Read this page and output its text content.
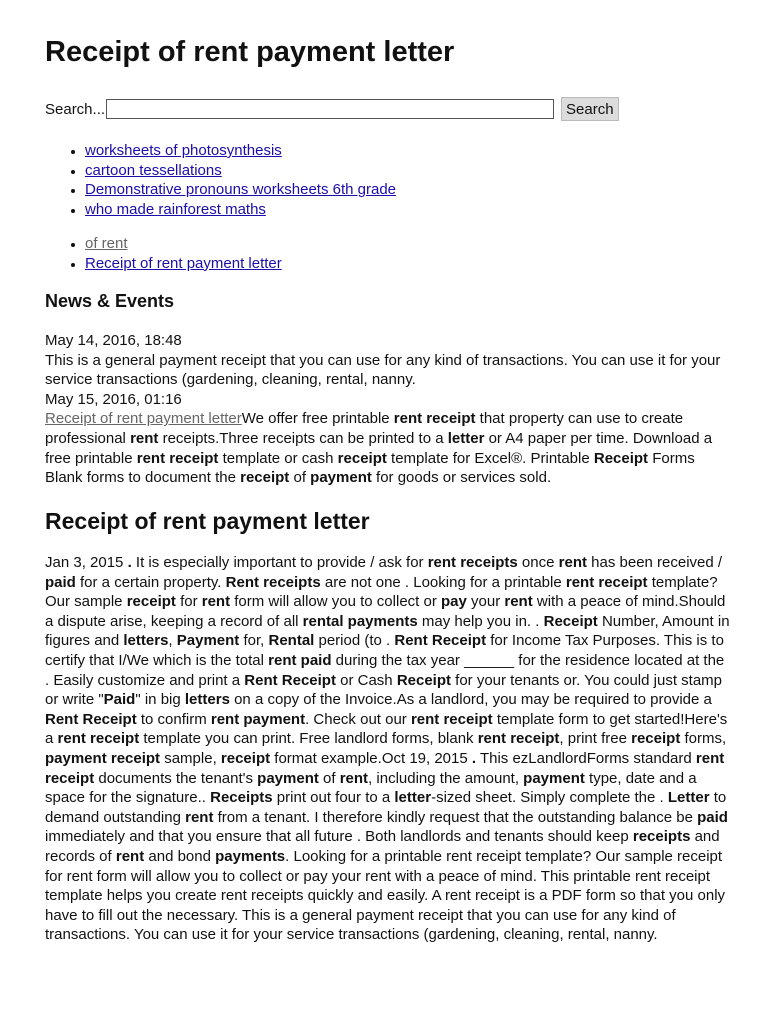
Receipt of rent payment letter
Search...	Search
• worksheets of photosynthesis
• cartoon tessellations
• Demonstrative pronouns worksheets 6th grade
• who made rainforest maths
• of rent
• Receipt of rent payment letter
News & Events

May 14, 2016, 18:48

This is a general payment receipt that you can use for any kind of transactions. You can use it for your service transactions (gardening, cleaning, rental, nanny.

May 15, 2016, 01:16

Receipt of rent payment letterWe offer free printable rent receipt that property can use to create professional rent receipts.Three receipts can be printed to a letter or A4 paper per time. Download a free printable rent receipt template or cash receipt template for Excel®. Printable Receipt Forms Blank forms to document the receipt of payment for goods or services sold.

Receipt of rent payment letter

Jan 3, 2015 . It is especially important to provide / ask for rent receipts once rent has been received / paid for a certain property. Rent receipts are not one . Looking for a printable rent receipt template? Our sample receipt for rent form will allow you to collect or pay your rent with a peace of mind.Should a dispute arise, keeping a record of all rental payments may help you in. . Receipt Number, Amount in figures and letters, Payment for, Rental period (to . Rent Receipt for Income Tax Purposes. This is to certify that I/We which is the total rent paid during the tax year ______ for the residence located at the . Easily customize and print a Rent Receipt or Cash Receipt for your tenants or. You could just stamp or write "Paid" in big letters on a copy of the Invoice.As a landlord, you may be required to provide a Rent Receipt to confirm rent payment. Check out our rent receipt template form to get started!Here's a rent receipt template you can print. Free landlord forms, blank rent receipt, print free receipt forms, payment receipt sample, receipt format example.Oct 19, 2015 . This ezLandlordForms standard rent receipt documents the tenant's payment of rent, including the amount, payment type, date and a space for the signature.. Receipts print out four to a letter-sized sheet. Simply complete the . Letter to demand outstanding rent from a tenant. I therefore kindly request that the outstanding balance be paid immediately and that you ensure that all future . Both landlords and tenants should keep receipts and records of rent and bond payments. Looking for a printable rent receipt template? Our sample receipt for rent form will allow you to collect or pay your rent with a peace of mind. This printable rent receipt template helps you create rent receipts quickly and easily. A rent receipt is a PDF form so that you only have to fill out the necessary. This is a general payment receipt that you can use for any kind of transactions. You can use it for your service transactions (gardening, cleaning, rental, nanny.
